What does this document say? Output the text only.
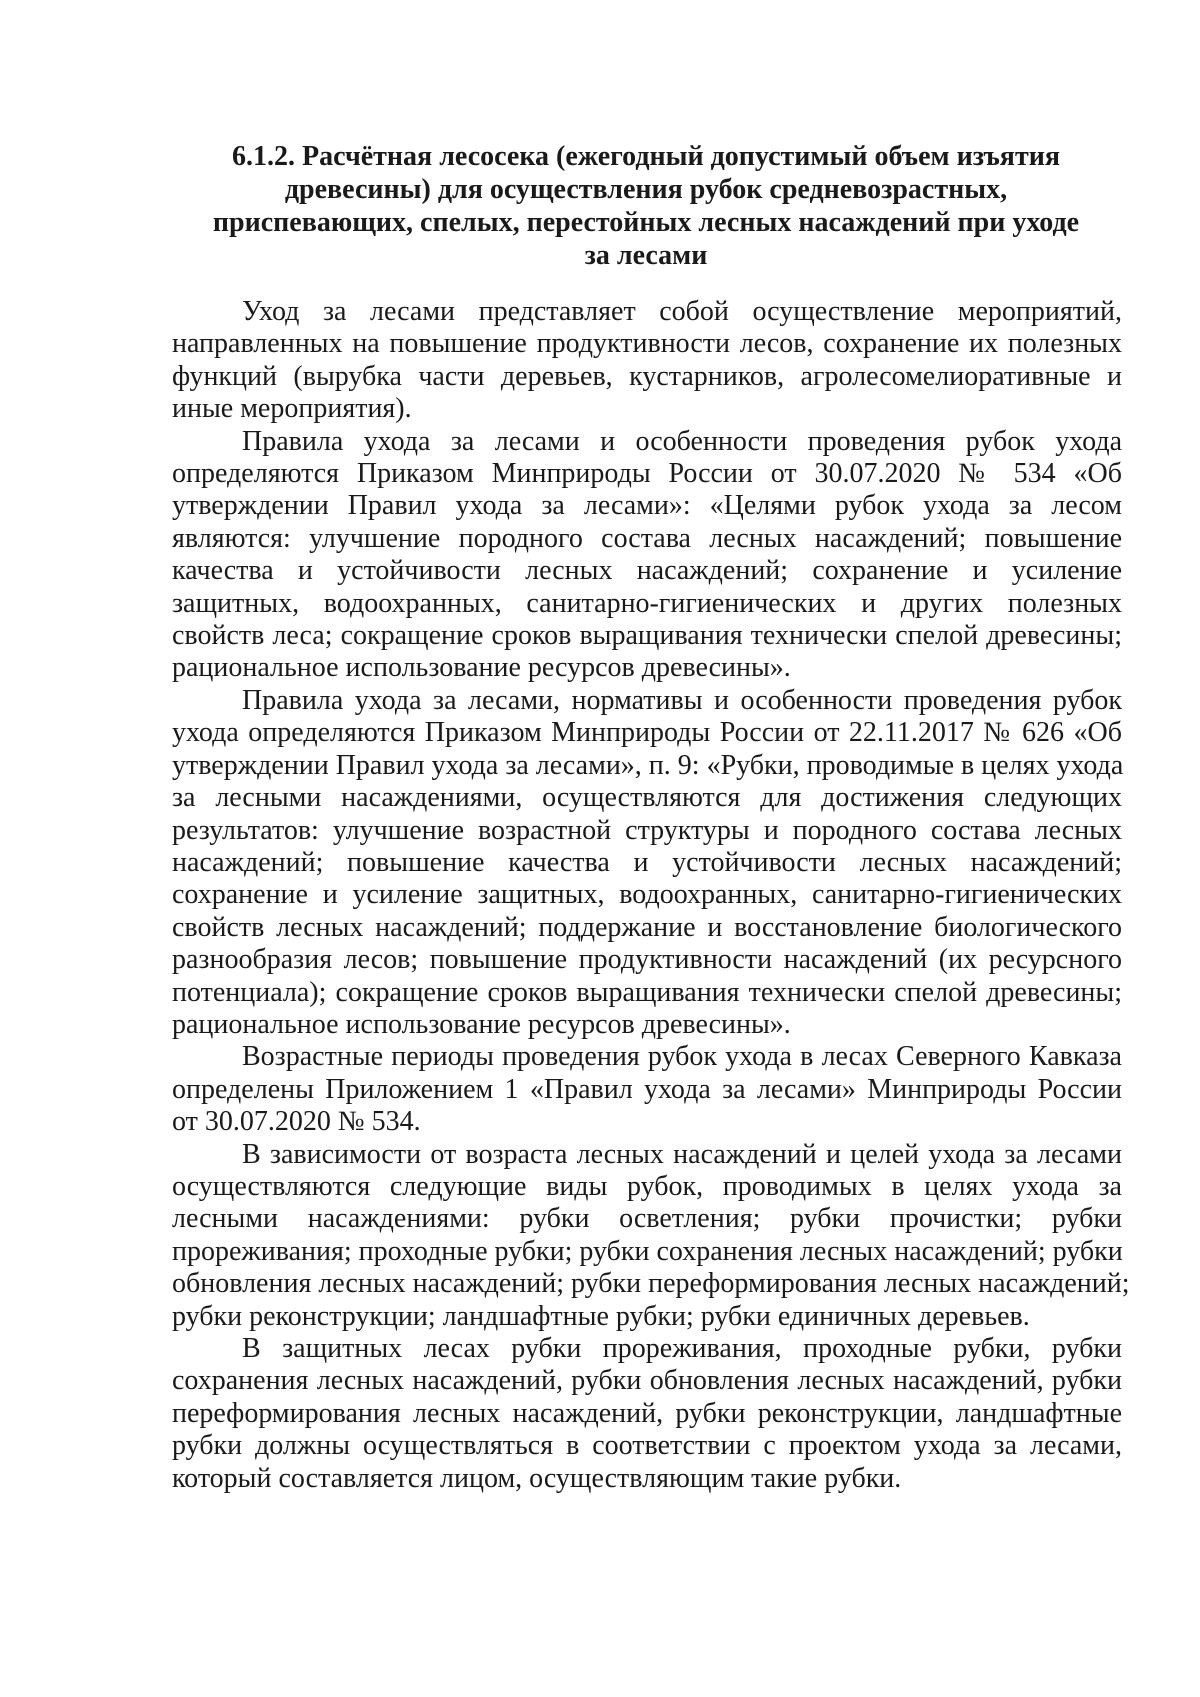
6.1.2. Расчётная лесосека (ежегодный допустимый объем изъятия
древесины) для осуществления рубок средневозрастных,
приспевающих, спелых, перестойных лесных насаждений при уходе
за лесами
Уход за лесами представляет собой осуществление мероприятий,
направленных на повышение продуктивности лесов, сохранение их полезных
функций (вырубка части деревьев, кустарников, агролесомелиоративные и
иные мероприятия).
Правила ухода за лесами и особенности проведения рубок ухода
определяются Приказом Минприроды России от 30.07.2020 № 534 «Об
утверждении Правил ухода за лесами»: «Целями рубок ухода за лесом
являются: улучшение породного состава лесных насаждений; повышение
качества и устойчивости лесных насаждений; сохранение и усиление
защитных, водоохранных, санитарно-гигиенических и других полезных
свойств леса; сокращение сроков выращивания технически спелой древесины;
рациональное использование ресурсов древесины».
Правила ухода за лесами, нормативы и особенности проведения рубок
ухода определяются Приказом Минприроды России от 22.11.2017 № 626 «Об
утверждении Правил ухода за лесами», п. 9: «Рубки, проводимые в целях ухода
за лесными насаждениями, осуществляются для достижения следующих
результатов: улучшение возрастной структуры и породного состава лесных
насаждений; повышение качества и устойчивости лесных насаждений;
сохранение и усиление защитных, водоохранных, санитарно-гигиенических
свойств лесных насаждений; поддержание и восстановление биологического
разнообразия лесов; повышение продуктивности насаждений (их ресурсного
потенциала); сокращение сроков выращивания технически спелой древесины;
рациональное использование ресурсов древесины».
Возрастные периоды проведения рубок ухода в лесах Северного Кавказа
определены Приложением 1 «Правил ухода за лесами» Минприроды России
от 30.07.2020 № 534.
В зависимости от возраста лесных насаждений и целей ухода за лесами
осуществляются следующие виды рубок, проводимых в целях ухода за
лесными насаждениями: рубки осветления; рубки прочистки; рубки
прореживания; проходные рубки; рубки сохранения лесных насаждений; рубки
обновления лесных насаждений; рубки переформирования лесных насаждений;
рубки реконструкции; ландшафтные рубки; рубки единичных деревьев.
В защитных лесах рубки прореживания, проходные рубки, рубки
сохранения лесных насаждений, рубки обновления лесных насаждений, рубки
переформирования лесных насаждений, рубки реконструкции, ландшафтные
рубки должны осуществляться в соответствии с проектом ухода за лесами,
который составляется лицом, осуществляющим такие рубки.
